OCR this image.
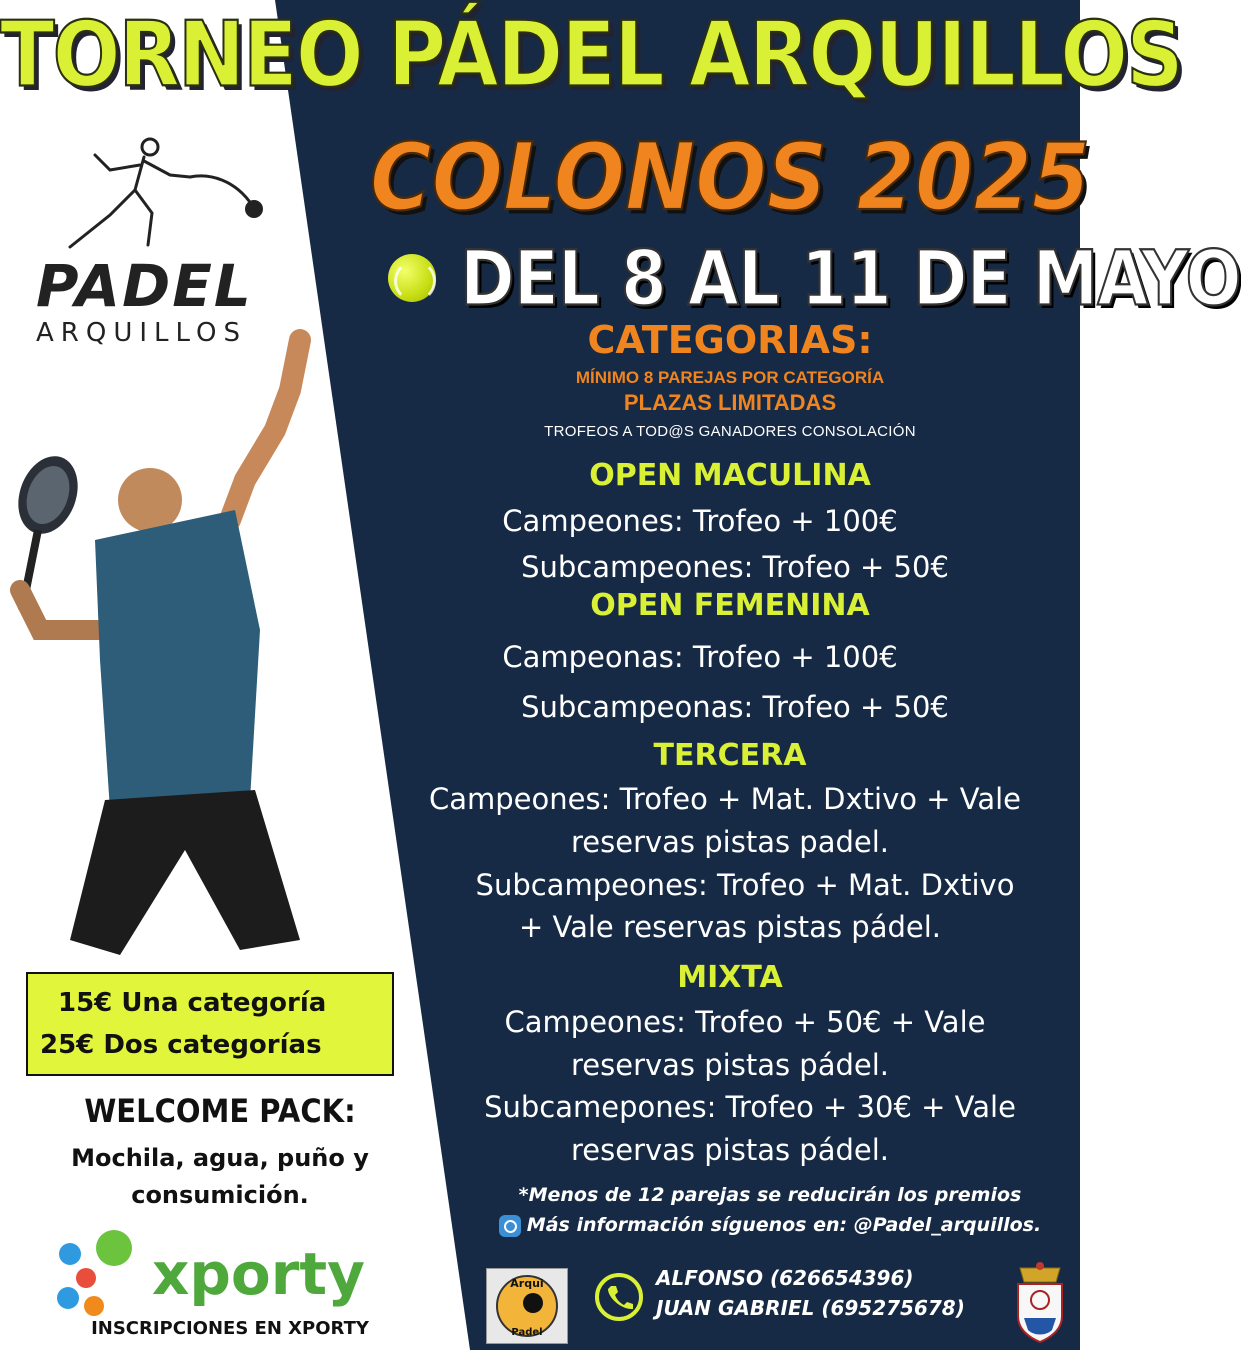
PADEL
ARQUILLOS
TORNEO PÁDEL ARQUILLOS
COLONOS 2025
DEL 8 AL 11 DE MAYO
CATEGORIAS:
MÍNIMO 8 PAREJAS POR CATEGORÍA
PLAZAS LIMITADAS
TROFEOS A TOD@S GANADORES CONSOLACIÓN
OPEN MACULINA
Campeones: Trofeo + 100€
Subcampeones: Trofeo + 50€
OPEN FEMENINA
Campeonas: Trofeo + 100€
Subcampeonas: Trofeo + 50€
TERCERA
Campeones: Trofeo + Mat. Dxtivo + Vale
reservas pistas padel.
Subcampeones: Trofeo + Mat. Dxtivo
+ Vale reservas pistas pádel.
MIXTA
Campeones: Trofeo + 50€ + Vale
reservas pistas pádel.
Subcamepones: Trofeo + 30€ + Vale
reservas pistas pádel.
15€ Una categoría
25€ Dos categorías
WELCOME PACK:
Mochila, agua, puño y
consumición.
xporty
INSCRIPCIONES EN XPORTY
*Menos de 12 parejas se reducirán los premios
Más información síguenos en: @Padel_arquillos.
Arqui
Padel
ALFONSO (626654396)
JUAN GABRIEL (695275678)
